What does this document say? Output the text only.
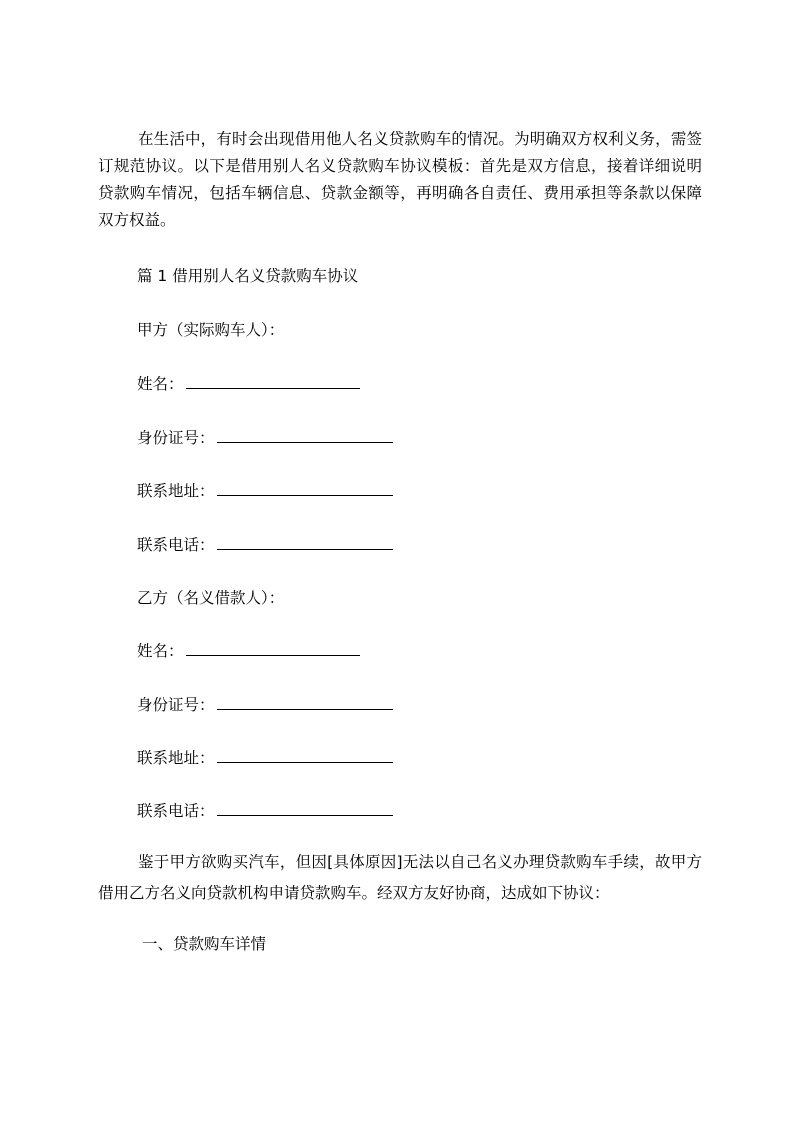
在生活中，有时会出现借用他人名义贷款购车的情况。为明确双方权利义务，需签订规范协议。以下是借用别人名义贷款购车协议模板：首先是双方信息，接着详细说明贷款购车情况，包括车辆信息、贷款金额等，再明确各自责任、费用承担等条款以保障双方权益。

篇 1 借用别人名义贷款购车协议

甲方（实际购车人）：

姓名：

身份证号：

联系地址：

联系电话：

乙方（名义借款人）：

姓名：

身份证号：

联系地址：

联系电话：

鉴于甲方欲购买汽车，但因[具体原因]无法以自己名义办理贷款购车手续，故甲方借用乙方名义向贷款机构申请贷款购车。经双方友好协商，达成如下协议：

一、贷款购车详情
